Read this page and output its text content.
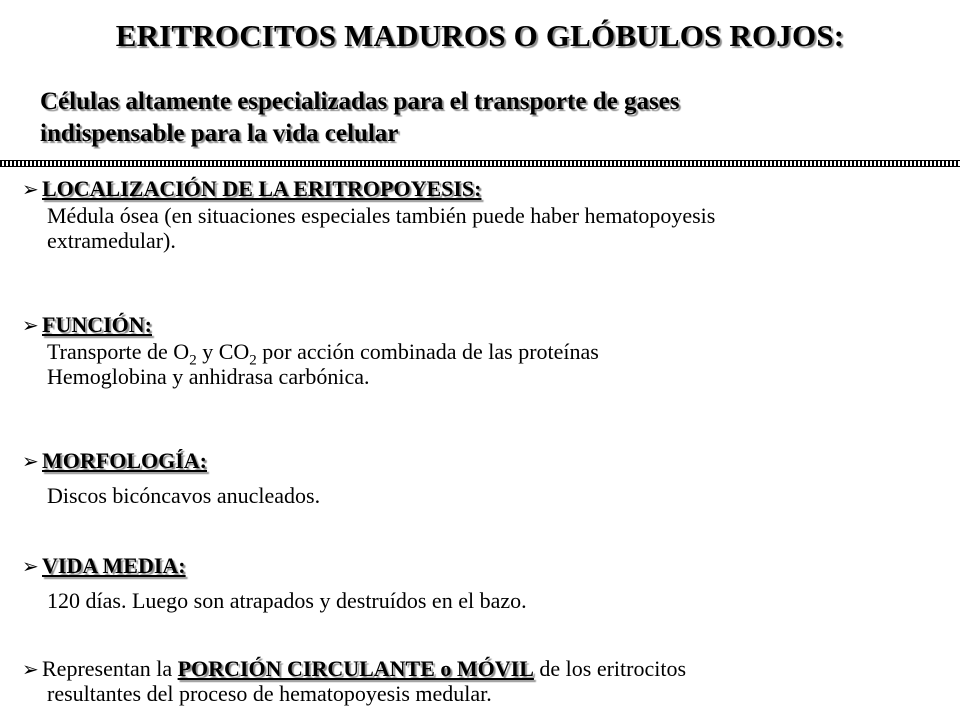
ERITROCITOS MADUROS O GLÓBULOS ROJOS:
Células altamente especializadas para el transporte de gases
indispensable para la vida celular
➢ LOCALIZACIÓN DE LA ERITROPOYESIS:
Médula ósea (en situaciones especiales también puede haber hematopoyesis
extramedular).
➢ FUNCIÓN:
Transporte de $O_2$ y $CO_2$ por acción combinada de las proteínas
Hemoglobina y anhidrasa carbónica.
➢ MORFOLOGÍA:
Discos bicóncavos anucleados.
➢ VIDA MEDIA:
120 días. Luego son atrapados y destruídos en el bazo.
➢ Representan la PORCIÓN CIRCULANTE o MÓVIL de los eritrocitos
resultantes del proceso de hematopoyesis medular.
